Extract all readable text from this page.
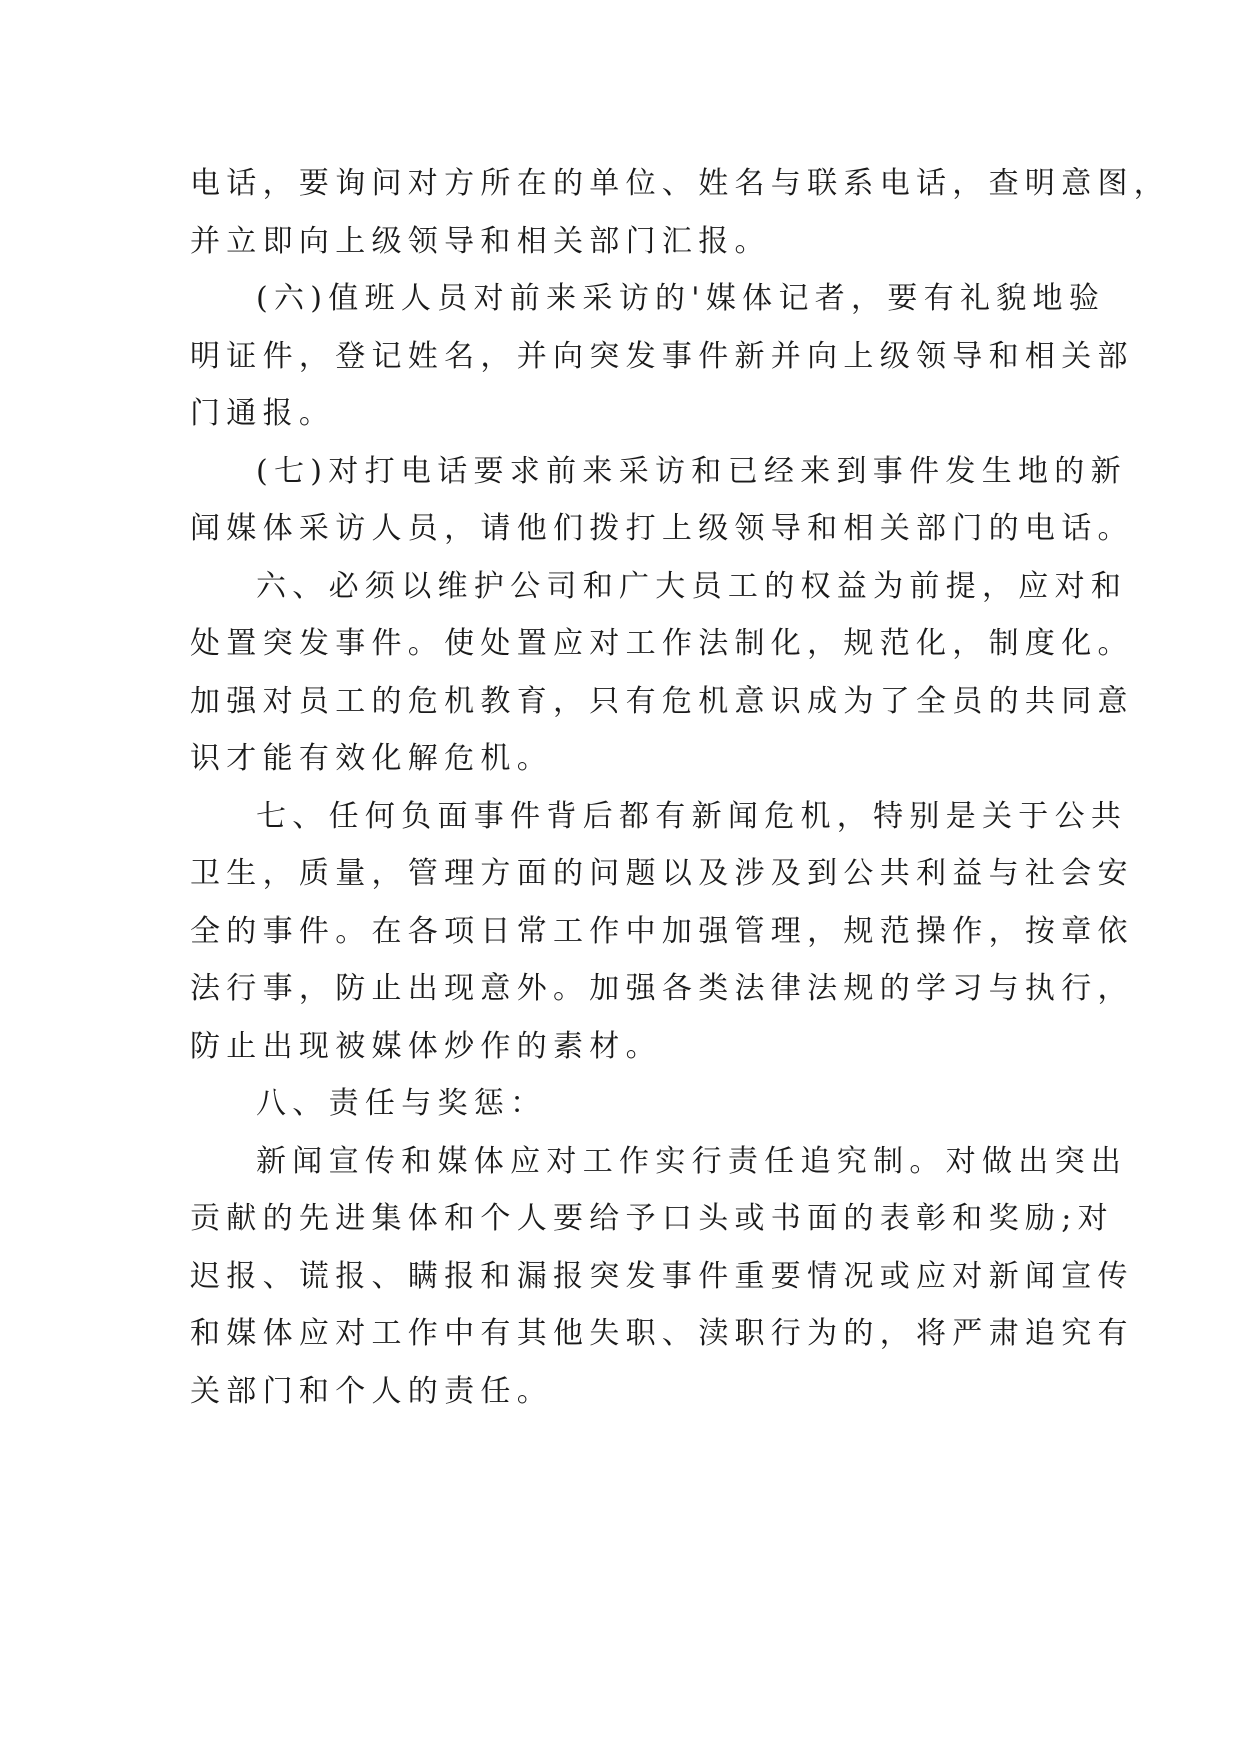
电话，要询问对方所在的单位、姓名与联系电话，查明意图，
并立即向上级领导和相关部门汇报。
(六)值班人员对前来采访的'媒体记者，要有礼貌地验
明证件，登记姓名，并向突发事件新并向上级领导和相关部
门通报。
(七)对打电话要求前来采访和已经来到事件发生地的新
闻媒体采访人员，请他们拨打上级领导和相关部门的电话。
六、必须以维护公司和广大员工的权益为前提，应对和
处置突发事件。使处置应对工作法制化，规范化，制度化。
加强对员工的危机教育，只有危机意识成为了全员的共同意
识才能有效化解危机。
七、任何负面事件背后都有新闻危机，特别是关于公共
卫生，质量，管理方面的问题以及涉及到公共利益与社会安
全的事件。在各项日常工作中加强管理，规范操作，按章依
法行事，防止出现意外。加强各类法律法规的学习与执行，
防止出现被媒体炒作的素材。
八、责任与奖惩：
新闻宣传和媒体应对工作实行责任追究制。对做出突出
贡献的先进集体和个人要给予口头或书面的表彰和奖励;对
迟报、谎报、瞒报和漏报突发事件重要情况或应对新闻宣传
和媒体应对工作中有其他失职、渎职行为的，将严肃追究有
关部门和个人的责任。
